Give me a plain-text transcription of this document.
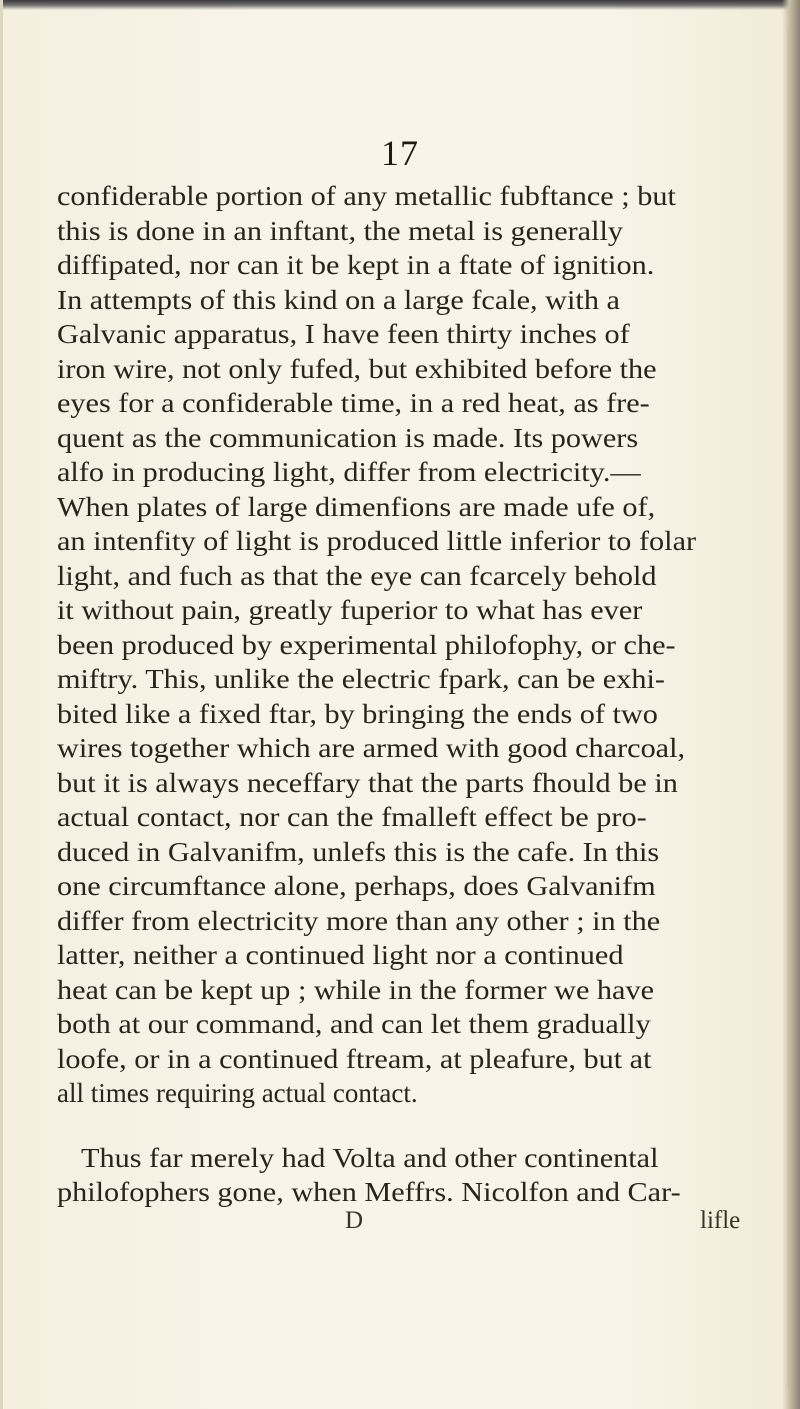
17
confiderable portion of any metallic fubftance ; but
this is done in an inftant, the metal is generally
diffipated, nor can it be kept in a ftate of ignition.
In attempts of this kind on a large fcale, with a
Galvanic apparatus, I have feen thirty inches of
iron wire, not only fufed, but exhibited before the
eyes for a confiderable time, in a red heat, as fre-
quent as the communication is made. Its powers
alfo in producing light, differ from electricity.—
When plates of large dimenfions are made ufe of,
an intenfity of light is produced little inferior to folar
light, and fuch as that the eye can fcarcely behold
it without pain, greatly fuperior to what has ever
been produced by experimental philofophy, or che-
miftry. This, unlike the electric fpark, can be exhi-
bited like a fixed ftar, by bringing the ends of two
wires together which are armed with good charcoal,
but it is always neceffary that the parts fhould be in
actual contact, nor can the fmalleft effect be pro-
duced in Galvanifm, unlefs this is the cafe. In this
one circumftance alone, perhaps, does Galvanifm
differ from electricity more than any other ; in the
latter, neither a continued light nor a continued
heat can be kept up ; while in the former we have
both at our command, and can let them gradually
loofe, or in a continued ftream, at pleafure, but at
all times requiring actual contact.
Thus far merely had Volta and other continental
philofophers gone, when Meffrs. Nicolfon and Car-
D	lifle
